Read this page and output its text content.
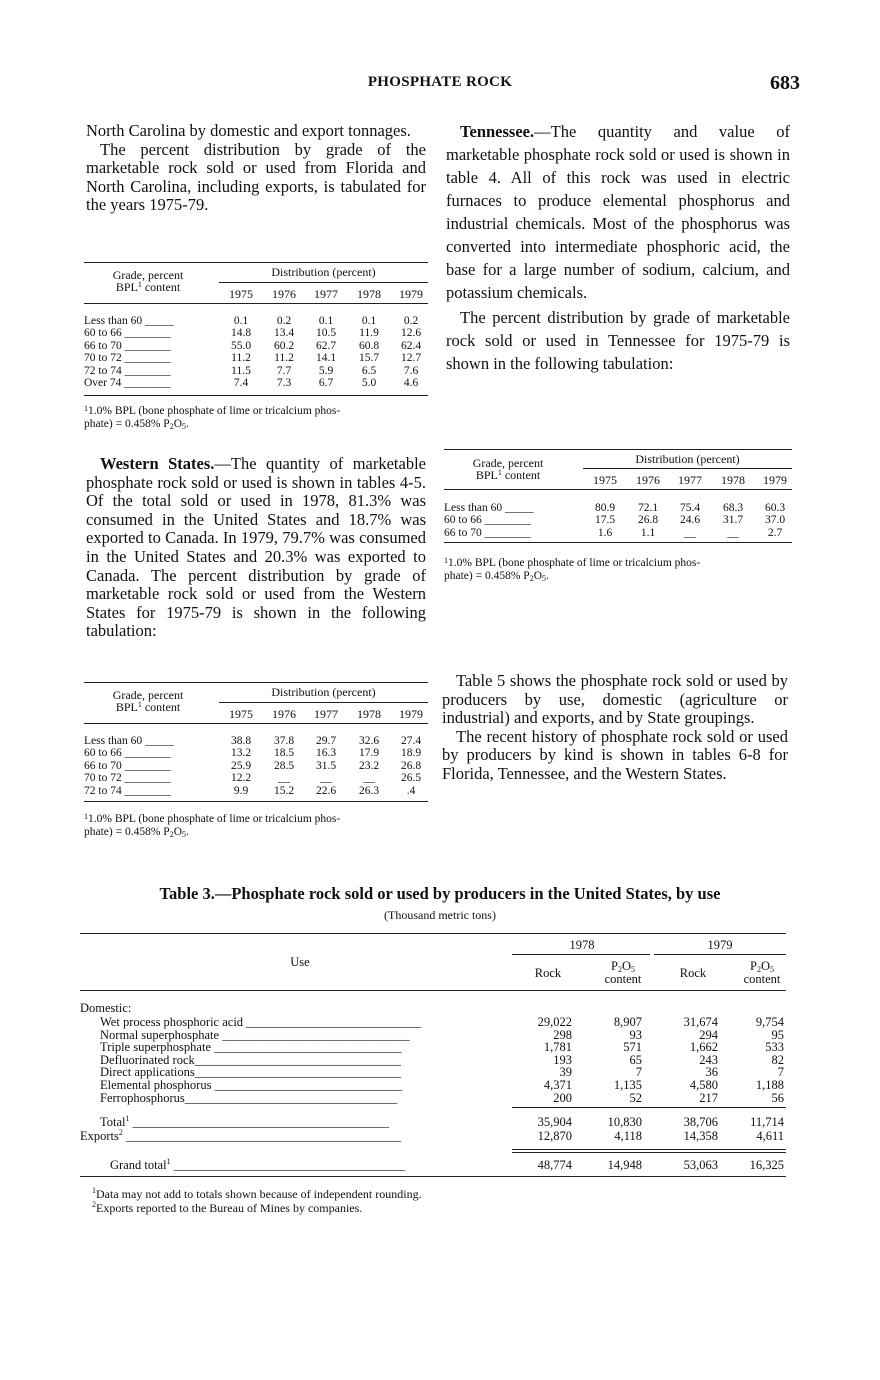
PHOSPHATE ROCK	683

North Carolina by domestic and export tonnages.

The percent distribution by grade of the marketable rock sold or used from Florida and North Carolina, including exports, is tabulated for the years 1975-79.

Grade, percent
BPL$^1$ content
Distribution (percent)
1975	1976	1977	1978	1979
Less than 60 _____	0.1	0.2	0.1	0.1	0.2
60 to 66 ________	14.8	13.4	10.5	11.9	12.6
66 to 70 ________	55.0	60.2	62.7	60.8	62.4
70 to 72 ________	11.2	11.2	14.1	15.7	12.7
72 to 74 ________	11.5	7.7	5.9	6.5	7.6
Over 74 ________	7.4	7.3	6.7	5.0	4.6
$^1$1.0% BPL (bone phosphate of lime or tricalcium phos-
phate) = 0.458% $P_2O_5$.

Western States.—The quantity of marketable phosphate rock sold or used is shown in tables 4-5. Of the total sold or used in 1978, 81.3% was consumed in the United States and 18.7% was exported to Canada. In 1979, 79.7% was consumed in the United States and 20.3% was exported to Canada. The percent distribution by grade of marketable rock sold or used from the Western States for 1975-79 is shown in the following tabulation:

Grade, percent
BPL$^1$ content
Distribution (percent)
1975	1976	1977	1978	1979
Less than 60 _____	38.8	37.8	29.7	32.6	27.4
60 to 66 ________	13.2	18.5	16.3	17.9	18.9
66 to 70 ________	25.9	28.5	31.5	23.2	26.8
70 to 72 ________	12.2	__	__	__	26.5
72 to 74 ________	9.9	15.2	22.6	26.3	.4
$^1$1.0% BPL (bone phosphate of lime or tricalcium phos-
phate) = 0.458% $P_2O_5$.

Tennessee.—The quantity and value of marketable phosphate rock sold or used is shown in table 4. All of this rock was used in electric furnaces to produce elemental phosphorus and industrial chemicals. Most of the phosphorus was converted into intermediate phosphoric acid, the base for a large number of sodium, calcium, and potassium chemicals.

The percent distribution by grade of marketable rock sold or used in Tennessee for 1975-79 is shown in the following tabulation:

Grade, percent
BPL$^1$ content
Distribution (percent)
1975	1976	1977	1978	1979
Less than 60 _____	80.9	72.1	75.4	68.3	60.3
60 to 66 ________	17.5	26.8	24.6	31.7	37.0
66 to 70 ________	1.6	1.1	__	__	2.7
$^1$1.0% BPL (bone phosphate of lime or tricalcium phos-
phate) = 0.458% $P_2O_5$.

Table 5 shows the phosphate rock sold or used by producers by use, domestic (agriculture or industrial) and exports, and by State groupings.

The recent history of phosphate rock sold or used by producers by kind is shown in tables 6-8 for Florida, Tennessee, and the Western States.

Table 3.—Phosphate rock sold or used by producers in the United States, by use
(Thousand metric tons)
Use
1978	1979
Rock	$P_2O_5$
content	Rock	$P_2O_5$
content
Domestic:
Wet process phosphoric acid ____________________________	29,022	8,907	31,674	9,754
Normal superphosphate ______________________________	298	93	294	95
Triple superphosphate ______________________________	1,781	571	1,662	533
Defluorinated rock_________________________________	193	65	243	82
Direct applications_________________________________	39	7	36	7
Elemental phosphorus ______________________________	4,371	1,135	4,580	1,188
Ferrophosphorus__________________________________	200	52	217	56
Total$^1$ _________________________________________	35,904	10,830	38,706	11,714
Exports$^2$ ____________________________________________	12,870	4,118	14,358	4,611
Grand total$^1$ _____________________________________	48,774	14,948	53,063	16,325
$^1$Data may not add to totals shown because of independent rounding.
$^2$Exports reported to the Bureau of Mines by companies.
